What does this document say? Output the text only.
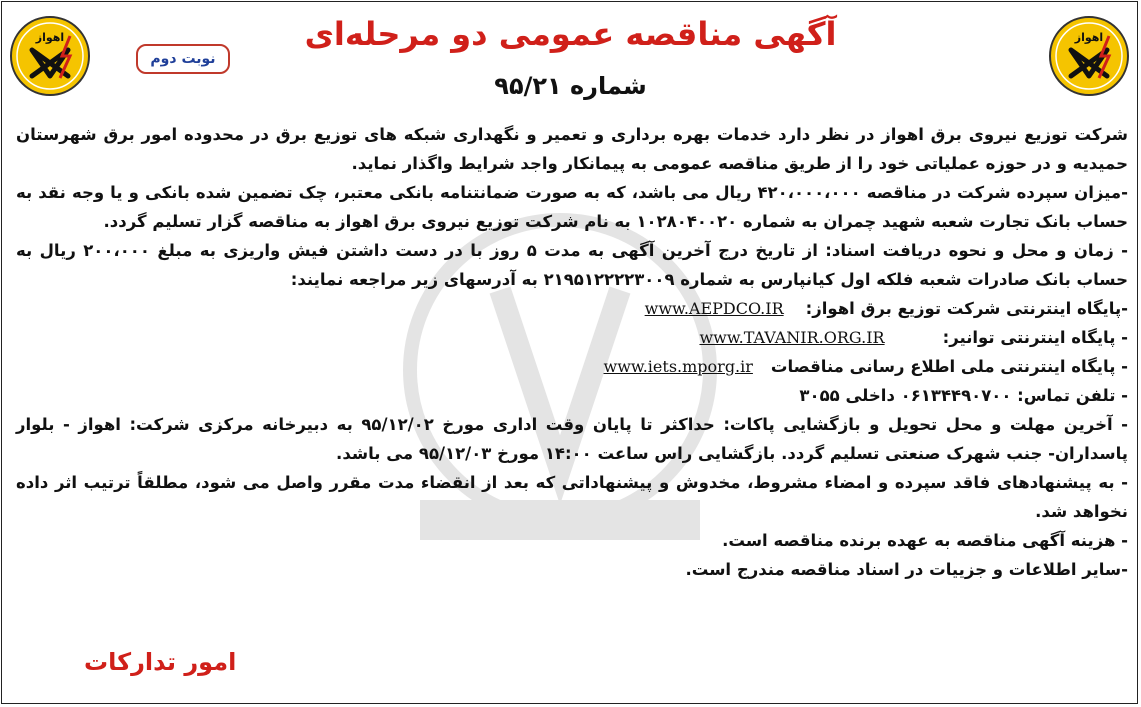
اهواز	اهواز
نوبت دوم
آگهی مناقصه عمومی دو مرحله‌ای
شماره ۹۵/۲۱

شرکت توزیع نیروی برق اهواز در نظر دارد خدمات بهره برداری و تعمیر و نگهداری شبکه های توزیع برق در محدوده امور برق شهرستان حمیدیه و در حوزه عملیاتی خود را از طریق مناقصه عمومی به پیمانکار واجد شرایط واگذار نماید.

-میزان سپرده شرکت در مناقصه ۴۲۰،۰۰۰،۰۰۰ ریال می باشد، که به صورت ضمانتنامه بانکی معتبر، چک تضمین شده بانکی و یا وجه نقد به حساب بانک تجارت شعبه شهید چمران به شماره ۱۰۲۸۰۴۰۰۲۰ به نام شرکت توزیع نیروی برق اهواز به مناقصه گزار تسلیم گردد.

- زمان و محل و نحوه دریافت اسناد: از تاریخ درج آخرین آگهی به مدت ۵ روز با در دست داشتن فیش واریزی به مبلغ ۲۰۰،۰۰۰ ریال به حساب بانک صادرات شعبه فلکه اول کیانپارس به شماره ۲۱۹۵۱۲۲۲۲۳۰۰۹ به آدرسهای زیر مراجعه نمایند:

-پایگاه اینترنتی شرکت توزیع برق اهواز:
www.AEPDCO.IR
- پایگاه اینترنتی توانیر:
www.TAVANIR.ORG.IR
- پایگاه اینترنتی ملی اطلاع رسانی مناقصات
www.iets.mporg.ir

- تلفن تماس: ۰۶۱۳۴۴۹۰۷۰۰ داخلی ۳۰۵۵

- آخرین مهلت و محل تحویل و بازگشایی پاکات: حداکثر تا پایان وقت اداری مورخ ۹۵/۱۲/۰۲ به دبیرخانه مرکزی شرکت: اهواز - بلوار پاسداران- جنب شهرک صنعتی تسلیم گردد. بازگشایی راس ساعت ۱۴:۰۰ مورخ ۹۵/۱۲/۰۳ می باشد.

- به پیشنهادهای فاقد سپرده و امضاء مشروط، مخدوش و پیشنهاداتی که بعد از انقضاء مدت مقرر واصل می شود، مطلقاً ترتیب اثر داده نخواهد شد.

- هزینه آگهی مناقصه به عهده برنده مناقصه است.

-سایر اطلاعات و جزییات در اسناد مناقصه مندرج است.

امور تدارکات
